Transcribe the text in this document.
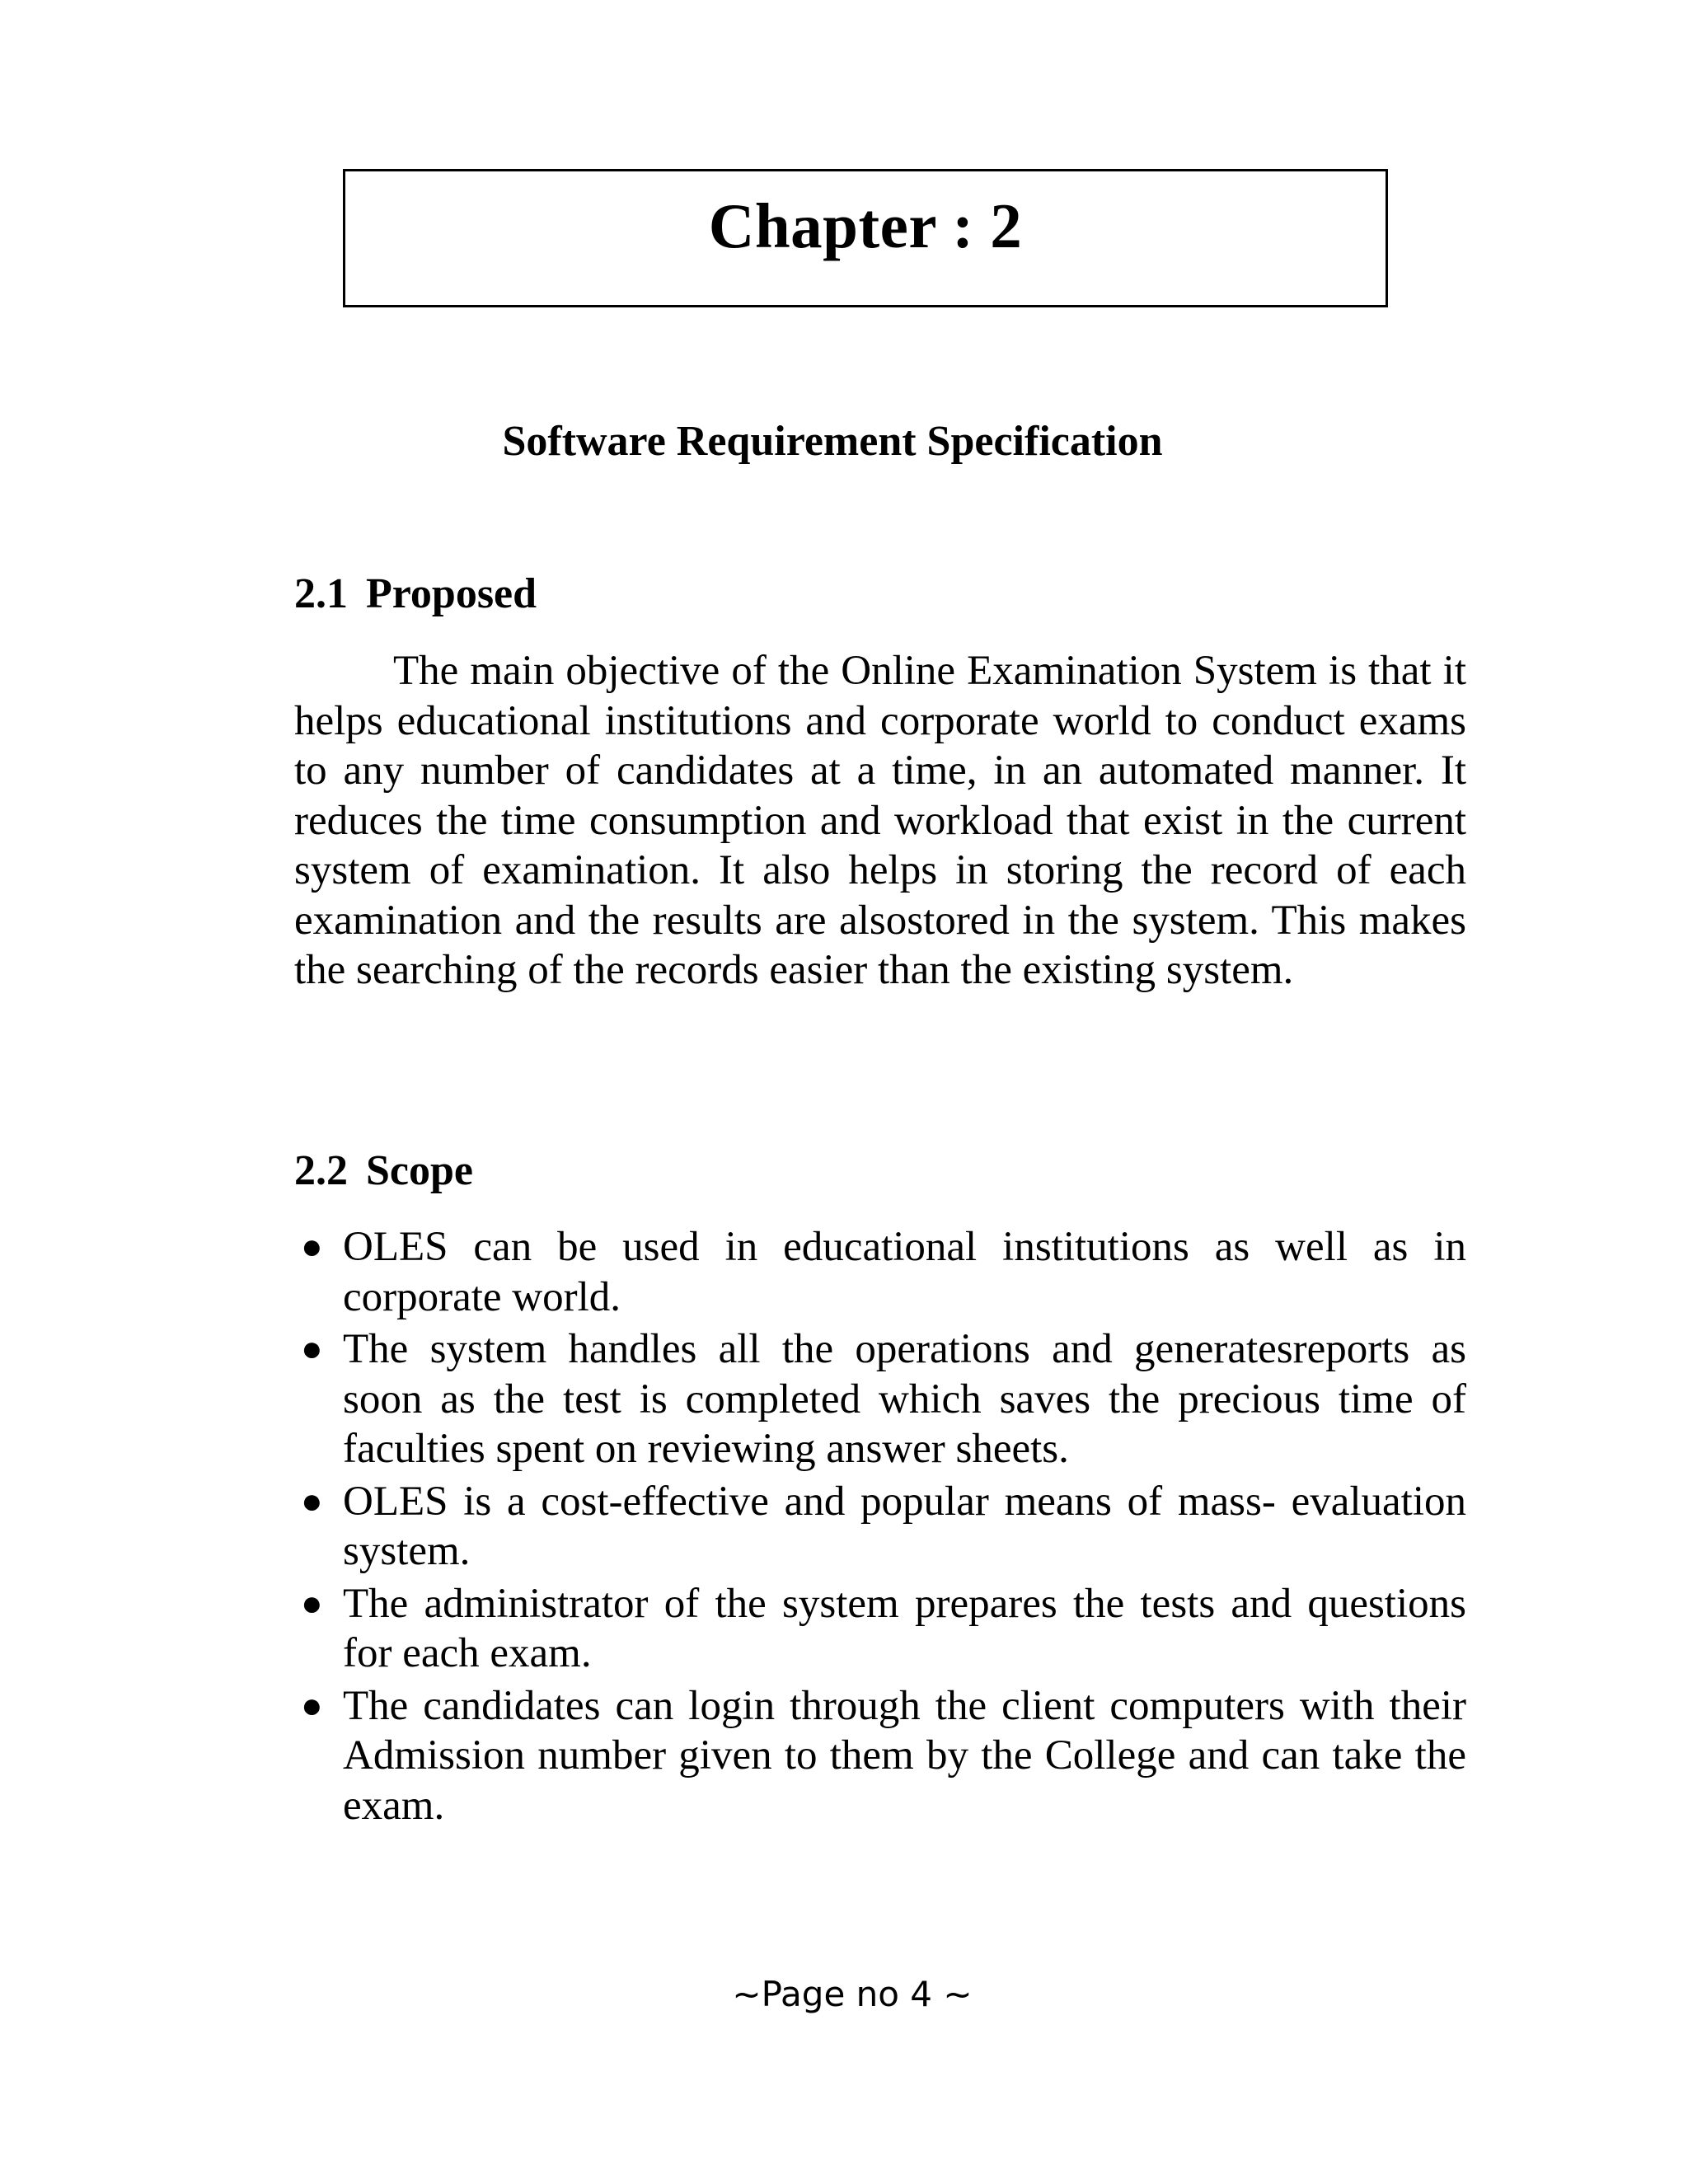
Chapter : 2
Software Requirement Specification
2.1 Proposed

The main objective of the Online Examination System is that it helps educational institutions and corporate world to conduct exams to any number of candidates at a time, in an automated manner. It reduces the time consumption and workload that exist in the current system of examination. It also helps in storing the record of each examination and the results are alsostored in the system. This makes the searching of the records easier than the existing system.

2.2 Scope
● OLES can be used in educational institutions as well as in corporate world.
● The system handles all the operations and generatesreports as soon as the test is completed which saves the precious time of faculties spent on reviewing answer sheets.
● OLES is a cost-effective and popular means of mass- evaluation system.
● The administrator of the system prepares the tests and questions for each exam.
● The candidates can login through the client computers with their Admission number given to them by the College and can take the exam.

~Page no 4 ~
